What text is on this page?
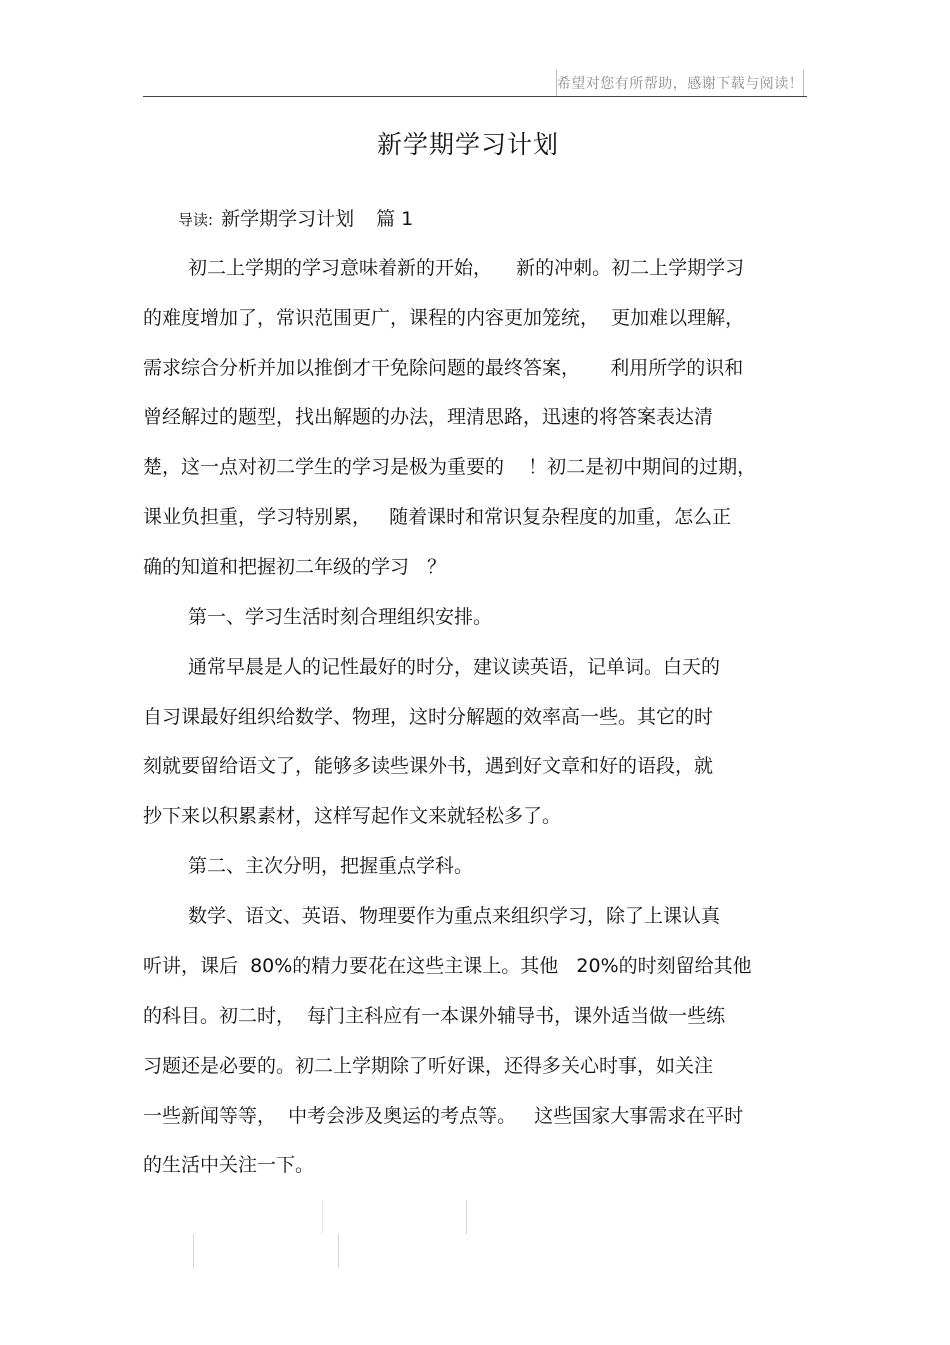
希望对您有所帮助，感谢下载与阅读！
新学期学习计划
导读: 新学期学习计划 篇 1
初二上学期的学习意味着新的开始，    新的冲刺。初二上学期学习
的难度增加了，常识范围更广，课程的内容更加笼统，  更加难以理解，
需求综合分析并加以推倒才干免除问题的最终答案，     利用所学的识和
曾经解过的题型，找出解题的办法，理清思路，迅速的将答案表达清
楚，这一点对初二学生的学习是极为重要的    ！初二是初中期间的过期，
课业负担重，学习特别累，   随着课时和常识复杂程度的加重，怎么正
确的知道和把握初二年级的学习   ？
第一、学习生活时刻合理组织安排。
通常早晨是人的记性最好的时分，建议读英语，记单词。白天的
自习课最好组织给数学、物理，这时分解题的效率高一些。其它的时
刻就要留给语文了，能够多读些课外书，遇到好文章和好的语段，就
抄下来以积累素材，这样写起作文来就轻松多了。
第二、主次分明，把握重点学科。
数学、语文、英语、物理要作为重点来组织学习，除了上课认真
听讲，课后  80%的精力要花在这些主课上。其他   20%的时刻留给其他
的科目。初二时，  每门主科应有一本课外辅导书，课外适当做一些练
习题还是必要的。初二上学期除了听好课，还得多关心时事，如关注
一些新闻等等，  中考会涉及奥运的考点等。   这些国家大事需求在平时
的生活中关注一下。
